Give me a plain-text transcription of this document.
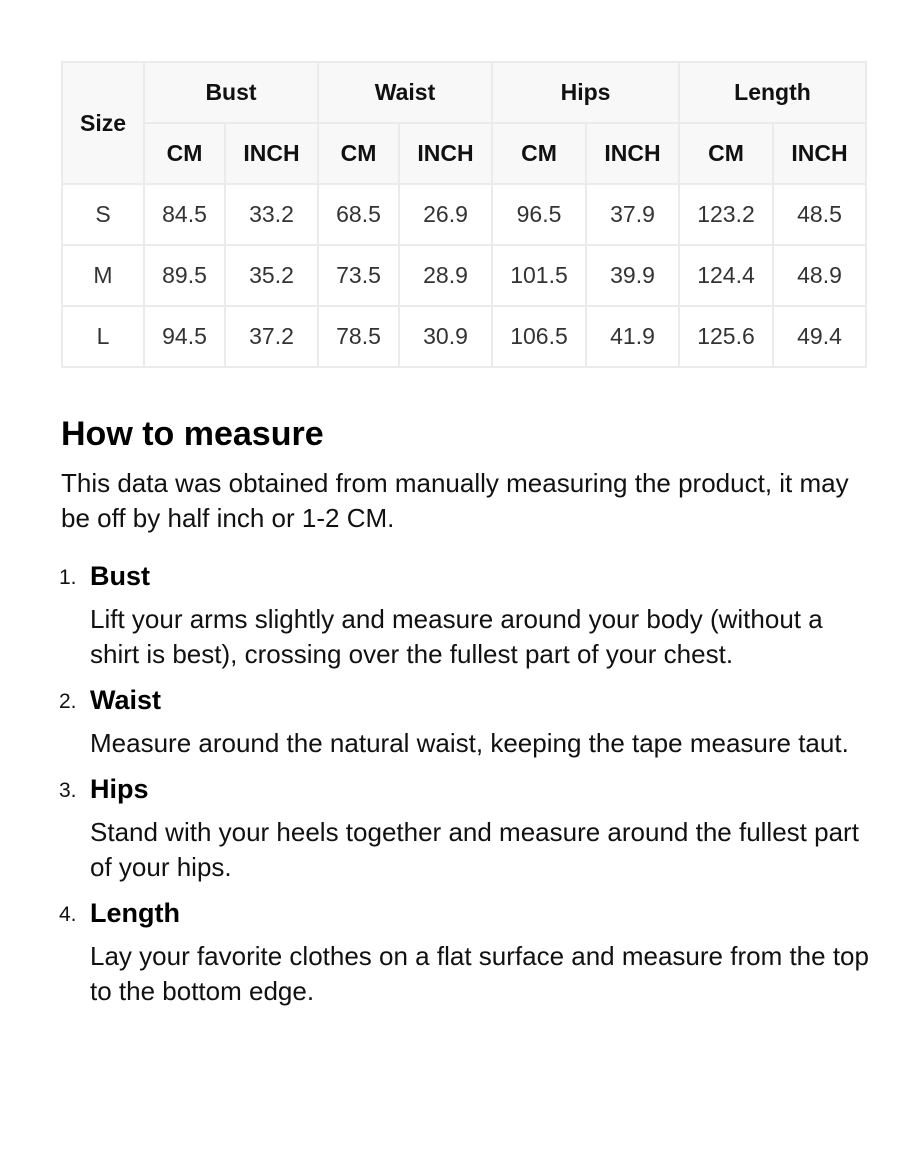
Size	Bust		Waist		Hips		Length	
	CM	INCH	CM	INCH	CM	INCH	CM	INCH
S	84.5	33.2	68.5	26.9	96.5	37.9	123.2	48.5
M	89.5	35.2	73.5	28.9	101.5	39.9	124.4	48.9
L	94.5	37.2	78.5	30.9	106.5	41.9	125.6	49.4
How to measure

This data was obtained from manually measuring the product, it may be off by half inch or 1-2 CM.

1. Bust
Lift your arms slightly and measure around your body (without a shirt is best), crossing over the fullest part of your chest.
2. Waist
Measure around the natural waist, keeping the tape measure taut.
3. Hips
Stand with your heels together and measure around the fullest part of your hips.
4. Length
Lay your favorite clothes on a flat surface and measure from the top to the bottom edge.
